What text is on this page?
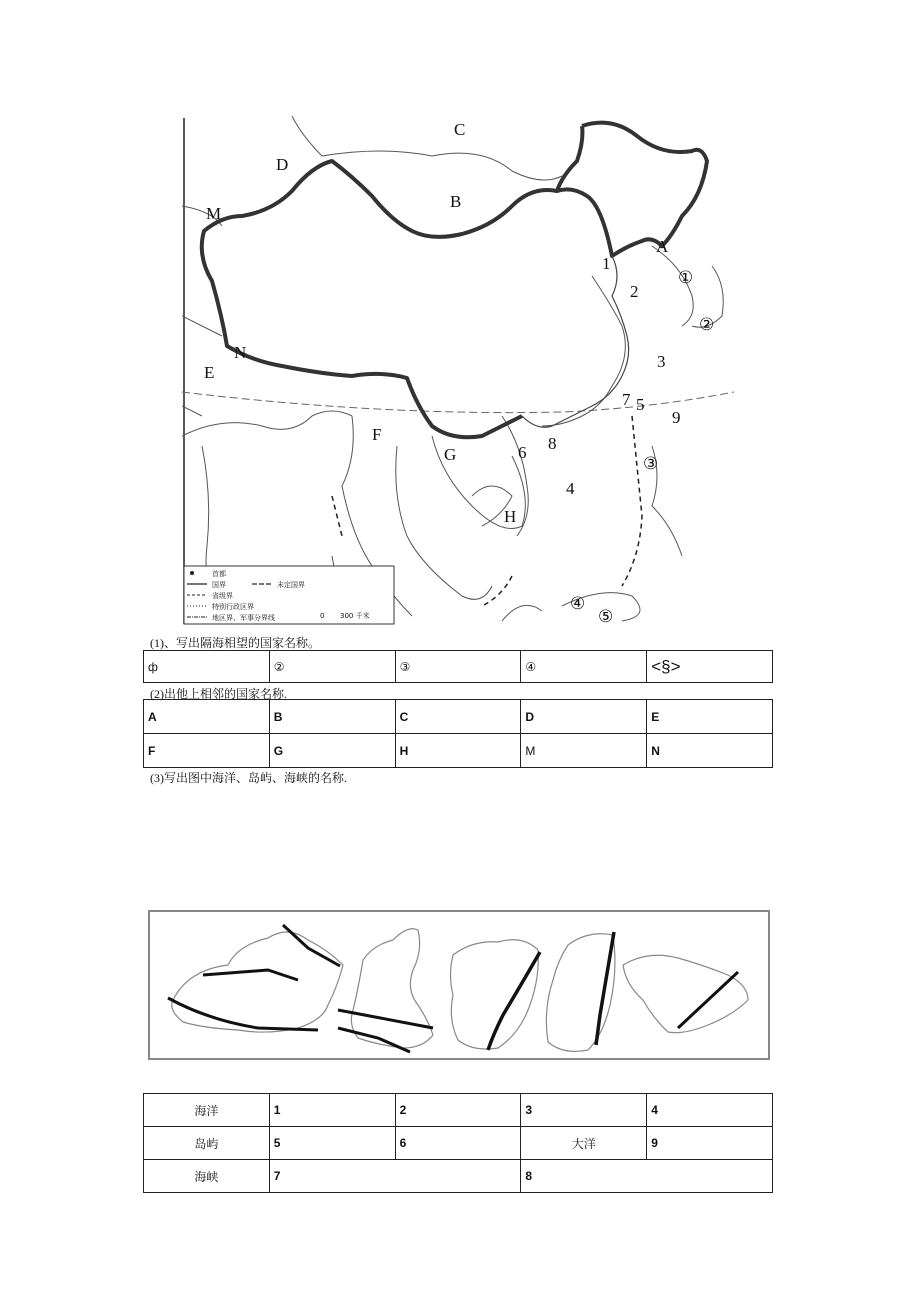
首都
国界	未定国界
省级界
特别行政区界
地区界、军事分界线	0 300 千米
A
B
C
D
E
F
G
H
M
N
1
2
3
4
9
5
6
7
8
①
②
③
④
⑤
(1)、写出隔海相望的国家名称。
ф	②	③	④	<§>
(2)出他上相邻的国家名称.
A	B	C	D	E
F	G	H	M	N
(3)写出图中海洋、岛屿、海峡的名称.
海洋	1	2	3	4
岛屿	5	6	大洋	9
海峡	7		8	
